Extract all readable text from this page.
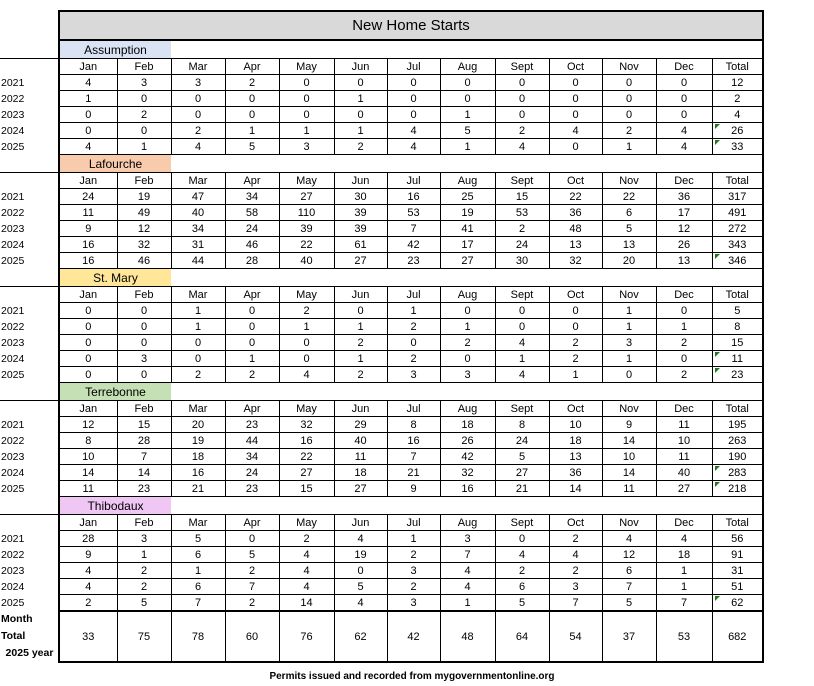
	New Home Starts												
	Assumption												
	Jan	Feb	Mar	Apr	May	Jun	Jul	Aug	Sept	Oct	Nov	Dec	Total
2021	4	3	3	2	0	0	0	0	0	0	0	0	12
2022	1	0	0	0	0	1	0	0	0	0	0	0	2
2023	0	2	0	0	0	0	0	1	0	0	0	0	4
2024	0	0	2	1	1	1	4	5	2	4	2	4	26

2025	4	1	4	5	3	2	4	1	4	0	1	4	33

	Lafourche												
	Jan	Feb	Mar	Apr	May	Jun	Jul	Aug	Sept	Oct	Nov	Dec	Total
2021	24	19	47	34	27	30	16	25	15	22	22	36	317
2022	11	49	40	58	110	39	53	19	53	36	6	17	491
2023	9	12	34	24	39	39	7	41	2	48	5	12	272
2024	16	32	31	46	22	61	42	17	24	13	13	26	343
2025	16	46	44	28	40	27	23	27	30	32	20	13	346

	St. Mary												
	Jan	Feb	Mar	Apr	May	Jun	Jul	Aug	Sept	Oct	Nov	Dec	Total
2021	0	0	1	0	2	0	1	0	0	0	1	0	5
2022	0	0	1	0	1	1	2	1	0	0	1	1	8
2023	0	0	0	0	0	2	0	2	4	2	3	2	15
2024	0	3	0	1	0	1	2	0	1	2	1	0	11

2025	0	0	2	2	4	2	3	3	4	1	0	2	23

	Terrebonne												
	Jan	Feb	Mar	Apr	May	Jun	Jul	Aug	Sept	Oct	Nov	Dec	Total
2021	12	15	20	23	32	29	8	18	8	10	9	11	195
2022	8	28	19	44	16	40	16	26	24	18	14	10	263
2023	10	7	18	34	22	11	7	42	5	13	10	11	190
2024	14	14	16	24	27	18	21	32	27	36	14	40	283

2025	11	23	21	23	15	27	9	16	21	14	11	27	218

	Thibodaux												
	Jan	Feb	Mar	Apr	May	Jun	Jul	Aug	Sept	Oct	Nov	Dec	Total
2021	28	3	5	0	2	4	1	3	0	2	4	4	56
2022	9	1	6	5	4	19	2	7	4	4	12	18	91
2023	4	2	1	2	4	0	3	4	2	2	6	1	31
2024	4	2	6	7	4	5	2	4	6	3	7	1	51
2025	2	5	7	2	14	4	3	1	5	7	5	7	62

Month Total
2025 year	33	75	78	60	76	62	42	48	64	54	37	53	682
Permits issued and recorded from mygovernmentonline.org
